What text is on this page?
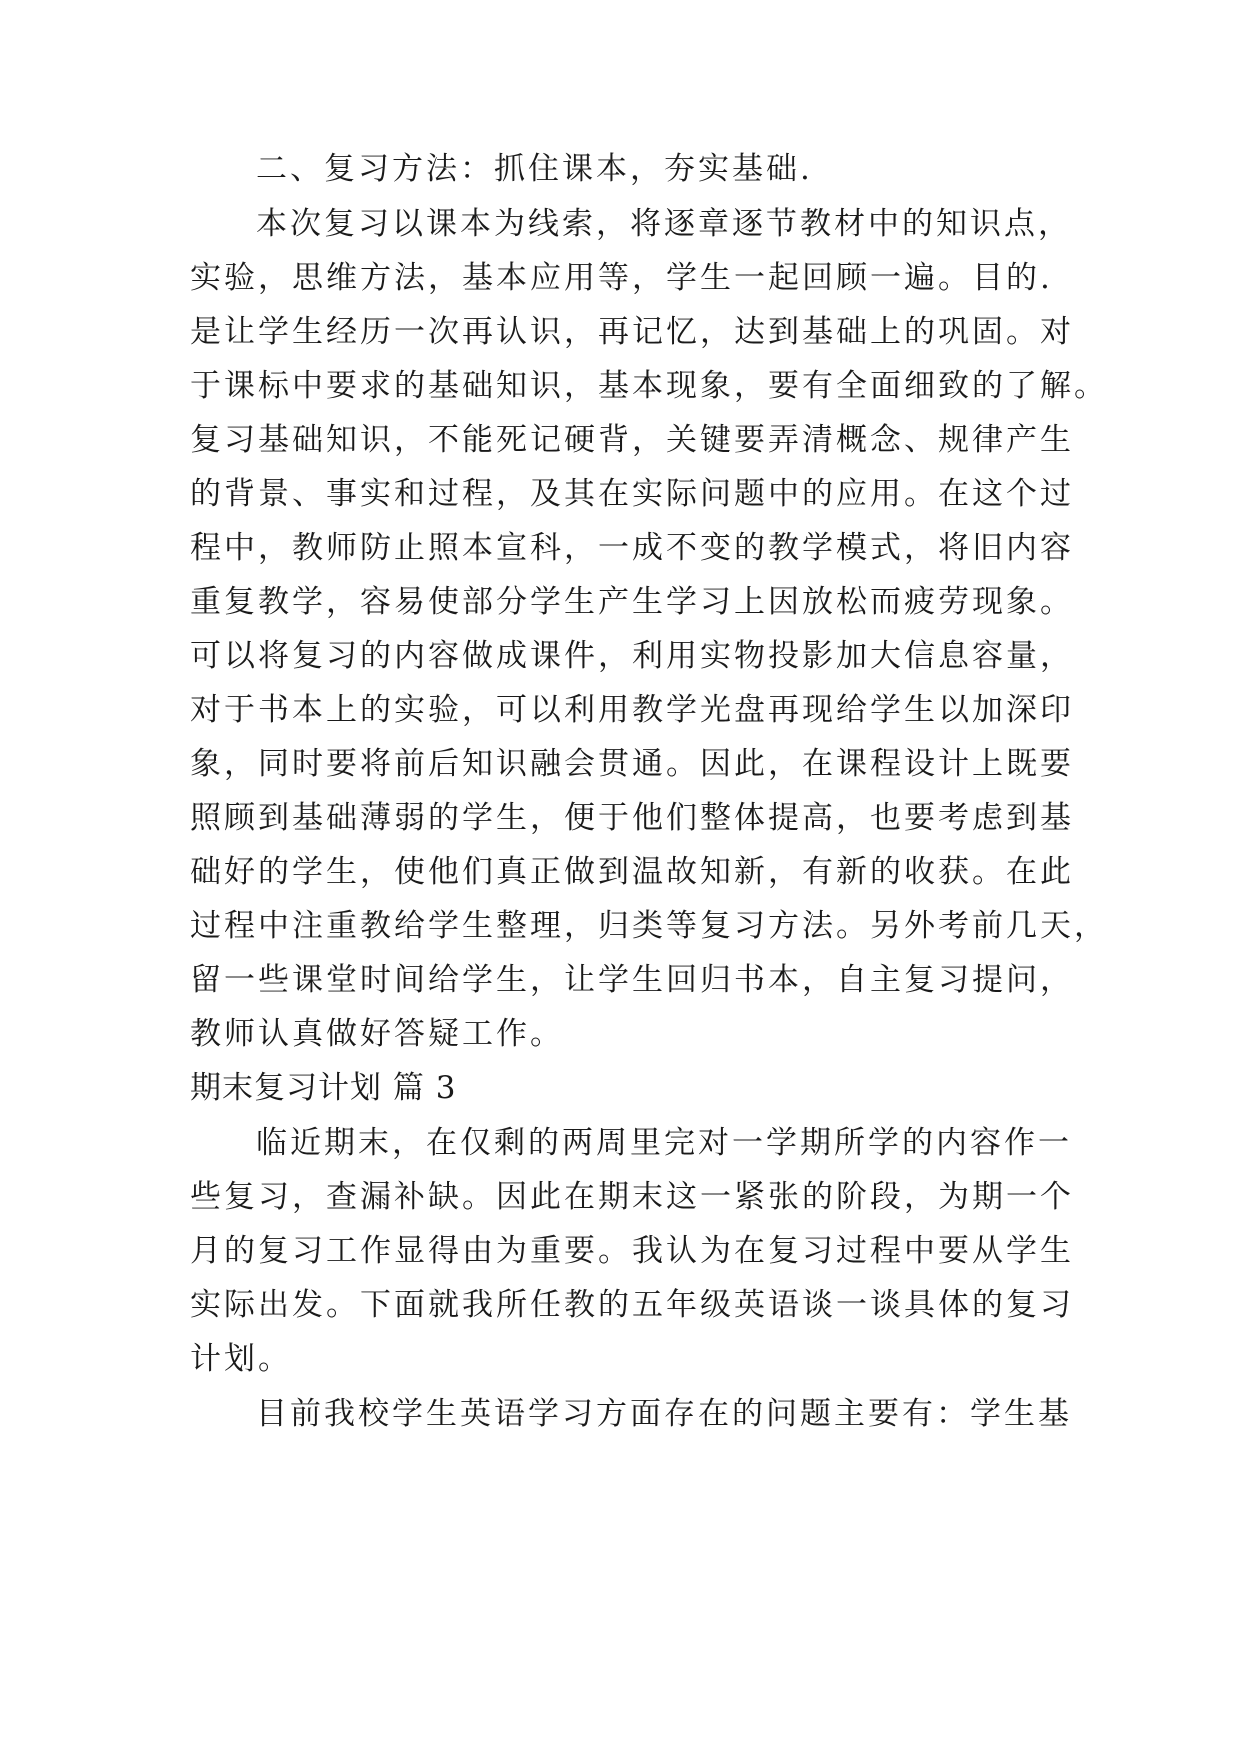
二、复习方法：抓住课本，夯实基础.
本次复习以课本为线索，将逐章逐节教材中的知识点，
实验，思维方法，基本应用等，学生一起回顾一遍。目的.
是让学生经历一次再认识，再记忆，达到基础上的巩固。对
于课标中要求的基础知识，基本现象，要有全面细致的了解。
复习基础知识，不能死记硬背，关键要弄清概念、规律产生
的背景、事实和过程，及其在实际问题中的应用。在这个过
程中，教师防止照本宣科，一成不变的教学模式，将旧内容
重复教学，容易使部分学生产生学习上因放松而疲劳现象。
可以将复习的内容做成课件，利用实物投影加大信息容量，
对于书本上的实验，可以利用教学光盘再现给学生以加深印
象，同时要将前后知识融会贯通。因此，在课程设计上既要
照顾到基础薄弱的学生，便于他们整体提高，也要考虑到基
础好的学生，使他们真正做到温故知新，有新的收获。在此
过程中注重教给学生整理，归类等复习方法。另外考前几天，
留一些课堂时间给学生，让学生回归书本，自主复习提问，
教师认真做好答疑工作。
期末复习计划 篇 3
临近期末，在仅剩的两周里完对一学期所学的内容作一
些复习，查漏补缺。因此在期末这一紧张的阶段，为期一个
月的复习工作显得由为重要。我认为在复习过程中要从学生
实际出发。下面就我所任教的五年级英语谈一谈具体的复习
计划。
目前我校学生英语学习方面存在的问题主要有：学生基
